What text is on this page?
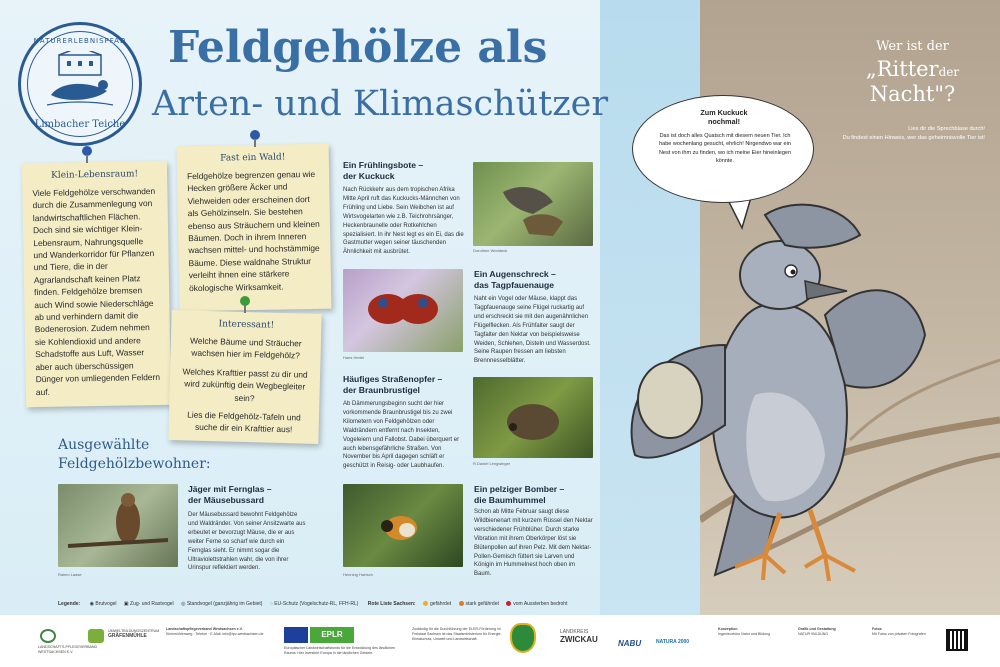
NATURERLEBNISPFAD
Limbacher Teiche
Feldgehölze als
Arten- und Klimaschützer
Klein-Lebensraum!

Viele Feldgehölze verschwanden durch die Zusammenlegung von landwirtschaftlichen Flächen. Doch sind sie wichtiger Klein-Lebensraum, Nahrungsquelle und Wanderkorridor für Pflanzen und Tiere, die in der Agrarlandschaft keinen Platz finden. Feldgehölze bremsen auch Wind sowie Niederschläge ab und verhindern damit die Bodenerosion. Zudem nehmen sie Kohlendioxid und andere Schadstoffe aus Luft, Wasser aber auch überschüssigen Dünger von umliegenden Feldern auf.

Fast ein Wald!

Feldgehölze begrenzen genau wie Hecken größere Äcker und Viehweiden oder erscheinen dort als Gehölzinseln. Sie bestehen ebenso aus Sträuchern und kleinen Bäumen. Doch in ihrem Inneren wachsen mittel- und hochstämmige Bäume. Diese waldnahe Struktur verleiht ihnen eine stärkere ökologische Wirksamkeit.

Interessant!

Welche Bäume und Sträucher wachsen hier im Feldgehölz?

Welches Krafttier passt zu dir und wird zukünftig dein Wegbegleiter sein?

Lies die Feldgehölz-Tafeln und suche dir ein Krafttier aus!

Ausgewählte
Feldgehölzbewohner:
Ein Frühlingsbote –
der Kuckuck

Nach Rückkehr aus dem tropischen Afrika Mitte April ruft das Kuckucks-Männchen von Frühling und Liebe. Sein Weibchen ist auf Wirtsvogelarten wie z.B. Teichrohrsänger, Heckenbraunelle oder Rotkehlchen spezialisiert. In ihr Nest legt es ein Ei, das die Gastmutter wegen seiner täuschenden Ähnlichkeit mit ausbrütet.	Dorothee Woddeck
Hans Hertel
Ein Augenschreck –
das Tagpfauenauge

Naht ein Vogel oder Mäuse, klappt das Tagpfauenauge seine Flügel ruckartig auf und erschreckt sie mit den augenähnlichen Flügelflecken. Als Frühfalter saugt der Tagfalter den Nektar von beispielsweise Weiden, Schlehen, Disteln und Wasserdost. Seine Raupen fressen am liebsten Brennnesselblätter.

Häufiges Straßenopfer –
der Braunbrustigel

Ab Dämmerungsbeginn sucht der hier vorkommende Braunbrustigel bis zu zwei Kilometern von Feldgehölzen oder Waldrändern entfernt nach Insekten, Vogeleiern und Fallobst. Dabei überquert er auch lebensgefährliche Straßen. Von November bis April dagegen schläft er geschützt in Reisig- oder Laubhaufen.	R.Daniel Lengwinger
Raimo Laase
Jäger mit Fernglas –
der Mäusebussard

Der Mäusebussard bewohnt Feldgehölze und Waldränder. Von seiner Ansitzwarte aus erbeutet er bevorzugt Mäuse, die er aus weiter Ferne so scharf wie durch ein Fernglas sieht. Er nimmt sogar die Ultraviolettstrahlen wahr, die von ihrer Urinspur reflektiert werden.

Henning Hartsch
Ein pelziger Bomber –
die Baumhummel

Schon ab Mitte Februar saugt diese Wildbienenart mit kurzem Rüssel den Nektar verschiedener Frühblüher. Durch starke Vibration mit ihrem Oberkörper löst sie Blütenpollen auf ihren Pelz. Mit dem Nektar-Pollen-Gemisch füttert sie Larven und Königin im Hummelnest hoch oben im Baum.

Legende: ◉ Brutvogel ▣ Zug- und Rastvogel ◎ Standvogel (ganzjährig im Gebiet) ◌ EU-Schutz (Vogelschutz-RL, FFH-RL) Rote Liste Sachsen:	gefährdet	stark gefährdet	vom Aussterben bedroht
Wer ist der
„Ritterder
Nacht"?
Lies dir die Sprechblase durch!
Du findest einen Hinweis, wer das geheimnisvolle Tier ist!
Zum Kuckuck
nochmal!
Das ist doch alles Quatsch mit diesem neuen Tier. Ich habe wochenlang gesucht, ehrlich! Nirgendwo war ein Nest von ihm zu finden, wo ich meine Eier hineinlegen könnte.
LANDSCHAFTS-PFLEGEVERBAND
WESTSACHSEN E.V.
UMWELTBILDUNGSZENTRUM
GRÄFENMÜHLE
Landschaftspflegeverband Westsachsen e.V.
Kleinmühlenweg · Telefon · E-Mail: info@lpv-westsachsen.de	EPLR
Europäischer Landwirtschaftsfonds für die Entwicklung des ländlichen Raums: Hier investiert Europa in die ländlichen Gebiete.
Zuständig für die Durchführung der ELER-Förderung im Freistaat Sachsen ist das Staatsministerium für Energie, Klimaschutz, Umwelt und Landwirtschaft.
LANDKREIS
ZWICKAU	NABU	NATURA 2000
Konzeption
Ingenieurbüro Natur und Bildung
Grafik und Gestaltung
NATUR+BILDUNG
Fotos
Mit Fotos von privaten Fotografen
